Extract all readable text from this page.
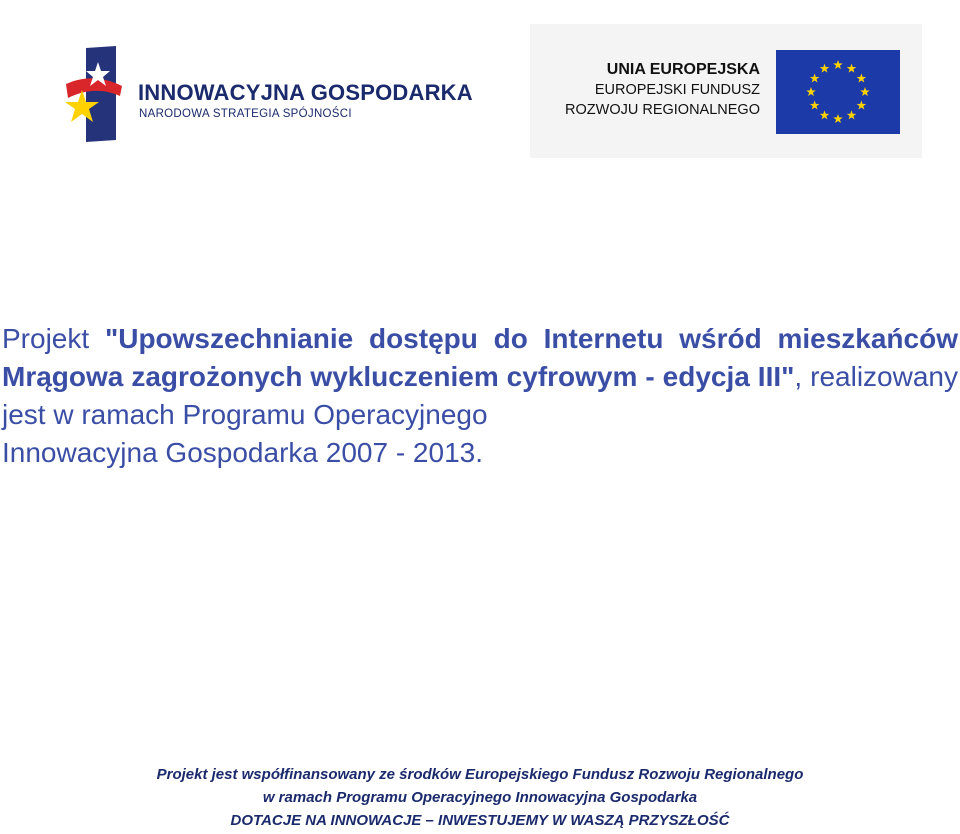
INNOWACYJNA GOSPODARKA
NARODOWA STRATEGIA SPÓJNOŚCI
UNIA EUROPEJSKA
EUROPEJSKI FUNDUSZ
ROZWOJU REGIONALNEGO
Projekt "Upowszechnianie dostępu do Internetu wśród mieszkańców Mrągowa zagrożonych wykluczeniem cyfrowym - edycja III", realizowany jest w ramach Programu Operacyjnego
Innowacyjna Gospodarka 2007 - 2013.
Projekt jest współfinansowany ze środków Europejskiego Fundusz Rozwoju Regionalnego
w ramach Programu Operacyjnego Innowacyjna Gospodarka
DOTACJE NA INNOWACJE – INWESTUJEMY W WASZĄ PRZYSZŁOŚĆ
